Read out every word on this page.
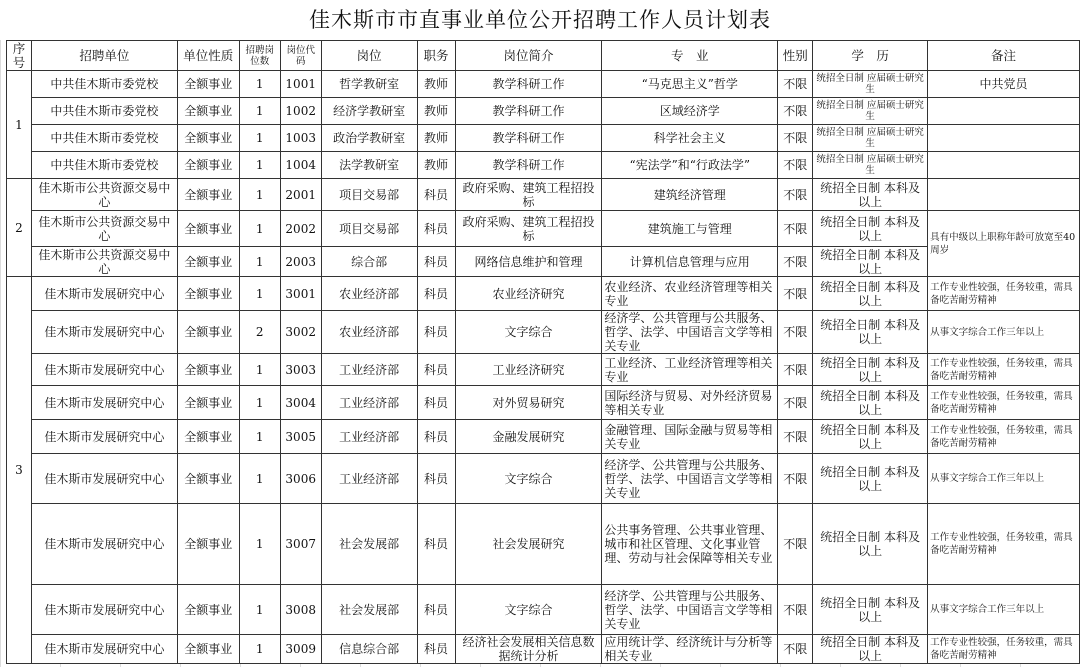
佳木斯市市直事业单位公开招聘工作人员计划表
序号	招聘单位	单位性质	招聘岗位数	岗位代码	岗位	职务	岗位简介	专　业	性别	学　历	备注
1	中共佳木斯市委党校	全额事业	1	1001	哲学教研室	教师	教学科研工作	“马克思主义”哲学	不限	统招全日制 应届硕士研究生	中共党员
	中共佳木斯市委党校	全额事业	1	1002	经济学教研室	教师	教学科研工作	区域经济学	不限	统招全日制 应届硕士研究生	
	中共佳木斯市委党校	全额事业	1	1003	政治学教研室	教师	教学科研工作	科学社会主义	不限	统招全日制 应届硕士研究生	
	中共佳木斯市委党校	全额事业	1	1004	法学教研室	教师	教学科研工作	“宪法学”和“行政法学”	不限	统招全日制 应届硕士研究生	
2	佳木斯市公共资源交易中心	全额事业	1	2001	项目交易部	科员	政府采购、建筑工程招投标	建筑经济管理	不限	统招全日制 本科及以上	
	佳木斯市公共资源交易中心	全额事业	1	2002	项目交易部	科员	政府采购、建筑工程招投标	建筑施工与管理	不限	统招全日制 本科及以上	具有中级以上职称年龄可放宽至40周岁
	佳木斯市公共资源交易中心	全额事业	1	2003	综合部	科员	网络信息维护和管理	计算机信息管理与应用	不限	统招全日制 本科及以上	
3	佳木斯市发展研究中心	全额事业	1	3001	农业经济部	科员	农业经济研究	农业经济、农业经济管理等相关专业	不限	统招全日制 本科及以上	工作专业性较强，任务较重，需具备吃苦耐劳精神
	佳木斯市发展研究中心	全额事业	2	3002	农业经济部	科员	文字综合	经济学、公共管理与公共服务、哲学、法学、中国语言文学等相关专业	不限	统招全日制 本科及以上	从事文字综合工作三年以上
	佳木斯市发展研究中心	全额事业	1	3003	工业经济部	科员	工业经济研究	工业经济、工业经济管理等相关专业	不限	统招全日制 本科及以上	工作专业性较强，任务较重，需具备吃苦耐劳精神
	佳木斯市发展研究中心	全额事业	1	3004	工业经济部	科员	对外贸易研究	国际经济与贸易、对外经济贸易等相关专业	不限	统招全日制 本科及以上	工作专业性较强，任务较重，需具备吃苦耐劳精神
	佳木斯市发展研究中心	全额事业	1	3005	工业经济部	科员	金融发展研究	金融管理、国际金融与贸易等相关专业	不限	统招全日制 本科及以上	工作专业性较强，任务较重，需具备吃苦耐劳精神
	佳木斯市发展研究中心	全额事业	1	3006	工业经济部	科员	文字综合	经济学、公共管理与公共服务、哲学、法学、中国语言文学等相关专业	不限	统招全日制 本科及以上	从事文字综合工作三年以上
	佳木斯市发展研究中心	全额事业	1	3007	社会发展部	科员	社会发展研究	公共事务管理、公共事业管理、城市和社区管理、文化事业管理、劳动与社会保障等相关专业	不限	统招全日制 本科及以上	工作专业性较强，任务较重，需具备吃苦耐劳精神
	佳木斯市发展研究中心	全额事业	1	3008	社会发展部	科员	文字综合	经济学、公共管理与公共服务、哲学、法学、中国语言文学等相关专业	不限	统招全日制 本科及以上	从事文字综合工作三年以上
	佳木斯市发展研究中心	全额事业	1	3009	信息综合部	科员	经济社会发展相关信息数据统计分析	应用统计学、经济统计与分析等相关专业	不限	统招全日制 本科及以上	工作专业性较强，任务较重，需具备吃苦耐劳精神
